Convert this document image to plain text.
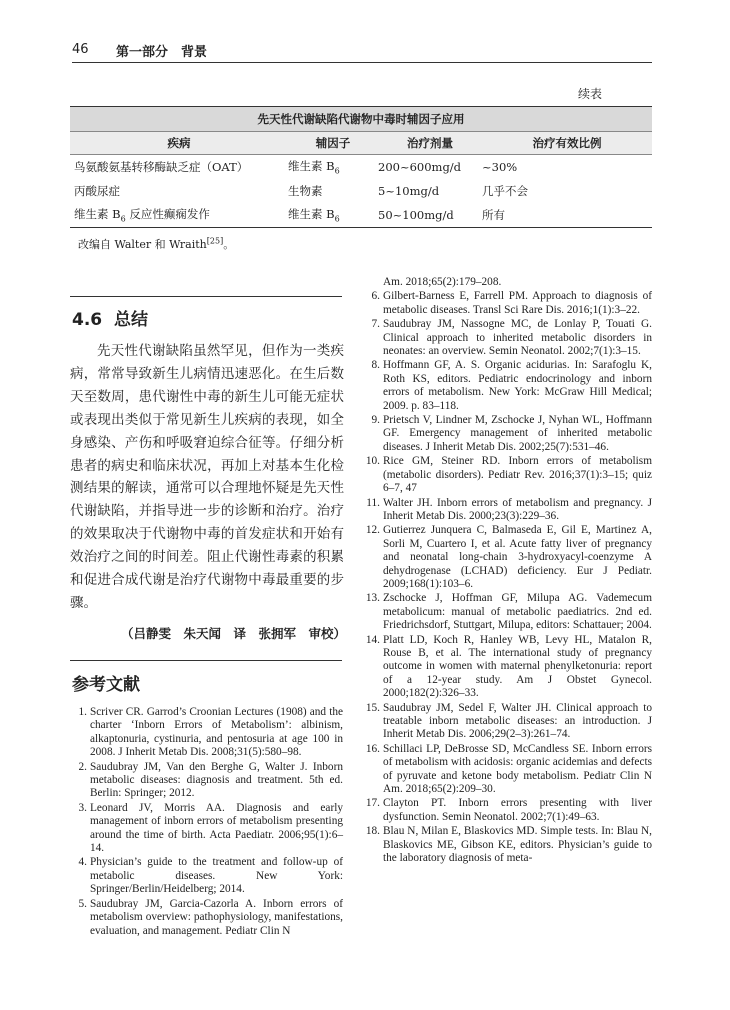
46 第一部分　背景
续表
先天性代谢缺陷代谢物中毒时辅因子应用			
疾病	辅因子	治疗剂量	治疗有效比例
鸟氨酸氨基转移酶缺乏症（OAT）	维生素 $B_6$	200~600mg/d	~30%
丙酸尿症	生物素	5~10mg/d	几乎不会
维生素 $B_6$ 反应性癫痫发作	维生素 $B_6$	50~100mg/d	所有
改编自 Walter 和 Wraith[25]。
4.6 总结
先天性代谢缺陷虽然罕见，但作为一类疾病，常常导致新生儿病情迅速恶化。在生后数天至数周，患代谢性中毒的新生儿可能无症状或表现出类似于常见新生儿疾病的表现，如全身感染、产伤和呼吸窘迫综合征等。仔细分析患者的病史和临床状况，再加上对基本生化检测结果的解读，通常可以合理地怀疑是先天性代谢缺陷，并指导进一步的诊断和治疗。治疗的效果取决于代谢物中毒的首发症状和开始有效治疗之间的时间差。阻止代谢性毒素的积累和促进合成代谢是治疗代谢物中毒最重要的步骤。
（吕静雯　朱天闻　译　张拥军　审校）
参考文献
1. Scriver CR. Garrod’s Croonian Lectures (1908) and the charter ‘Inborn Errors of Metabolism’: albinism, alkaptonuria, cystinuria, and pentosuria at age 100 in 2008. J Inherit Metab Dis. 2008;31(5):580–98.
2. Saudubray JM, Van den Berghe G, Walter J. Inborn metabolic diseases: diagnosis and treatment. 5th ed. Berlin: Springer; 2012.
3. Leonard JV, Morris AA. Diagnosis and early management of inborn errors of metabolism presenting around the time of birth. Acta Paediatr. 2006;95(1):6–14.
4. Physician’s guide to the treatment and follow-up of metabolic diseases. New York: Springer/Berlin/Heidelberg; 2014.
5. Saudubray JM, Garcia-Cazorla A. Inborn errors of metabolism overview: pathophysiology, manifestations, evaluation, and management. Pediatr Clin N
Am. 2018;65(2):179–208.
6. Gilbert-Barness E, Farrell PM. Approach to diagnosis of metabolic diseases. Transl Sci Rare Dis. 2016;1(1):3–22.
7. Saudubray JM, Nassogne MC, de Lonlay P, Touati G. Clinical approach to inherited metabolic disorders in neonates: an overview. Semin Neonatol. 2002;7(1):3–15.
8. Hoffmann GF, A. S. Organic acidurias. In: Sarafoglu K, Roth KS, editors. Pediatric endocrinology and inborn errors of metabolism. New York: McGraw Hill Medical; 2009. p. 83–118.
9. Prietsch V, Lindner M, Zschocke J, Nyhan WL, Hoffmann GF. Emergency management of inherited metabolic diseases. J Inherit Metab Dis. 2002;25(7):531–46.
10. Rice GM, Steiner RD. Inborn errors of metabolism (metabolic disorders). Pediatr Rev. 2016;37(1):3–15; quiz 6–7, 47
11. Walter JH. Inborn errors of metabolism and pregnancy. J Inherit Metab Dis. 2000;23(3):229–36.
12. Gutierrez Junquera C, Balmaseda E, Gil E, Martinez A, Sorli M, Cuartero I, et al. Acute fatty liver of pregnancy and neonatal long-chain 3-hydroxyacyl-coenzyme A dehydrogenase (LCHAD) deficiency. Eur J Pediatr. 2009;168(1):103–6.
13. Zschocke J, Hoffman GF, Milupa AG. Vademecum metabolicum: manual of metabolic paediatrics. 2nd ed. Friedrichsdorf, Stuttgart, Milupa, editors: Schattauer; 2004.
14. Platt LD, Koch R, Hanley WB, Levy HL, Matalon R, Rouse B, et al. The international study of pregnancy outcome in women with maternal phenylketonuria: report of a 12-year study. Am J Obstet Gynecol. 2000;182(2):326–33.
15. Saudubray JM, Sedel F, Walter JH. Clinical approach to treatable inborn metabolic diseases: an introduction. J Inherit Metab Dis. 2006;29(2–3):261–74.
16. Schillaci LP, DeBrosse SD, McCandless SE. Inborn errors of metabolism with acidosis: organic acidemias and defects of pyruvate and ketone body metabolism. Pediatr Clin N Am. 2018;65(2):209–30.
17. Clayton PT. Inborn errors presenting with liver dysfunction. Semin Neonatol. 2002;7(1):49–63.
18. Blau N, Milan E, Blaskovics MD. Simple tests. In: Blau N, Blaskovics ME, Gibson KE, editors. Physician’s guide to the laboratory diagnosis of meta-
